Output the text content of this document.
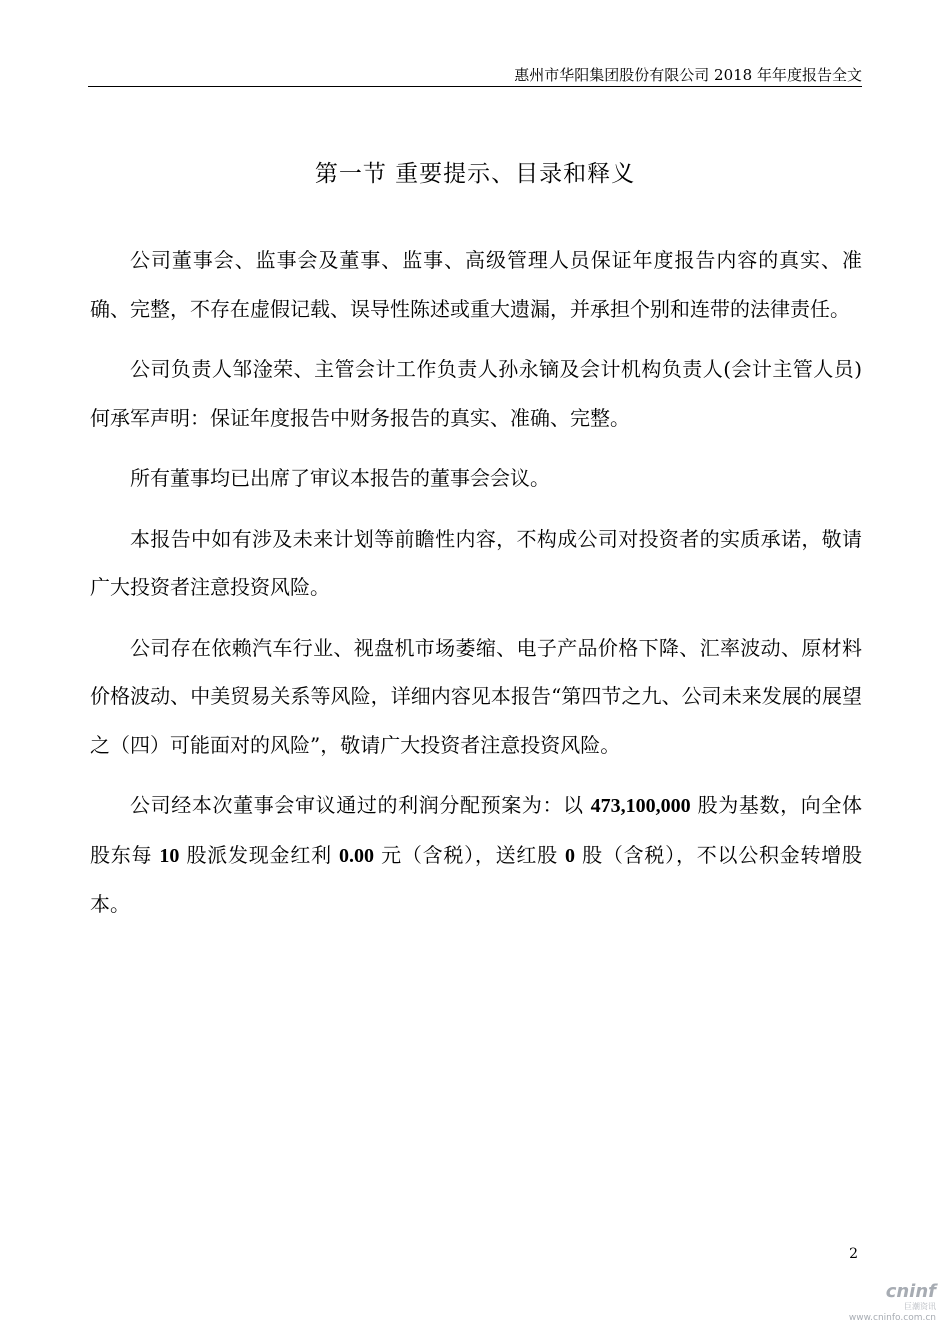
惠州市华阳集团股份有限公司 2018 年年度报告全文
第一节 重要提示、目录和释义

公司董事会、监事会及董事、监事、高级管理人员保证年度报告内容的真实、准确、完整，不存在虚假记载、误导性陈述或重大遗漏，并承担个别和连带的法律责任。

公司负责人邹淦荣、主管会计工作负责人孙永镝及会计机构负责人(会计主管人员)何承军声明：保证年度报告中财务报告的真实、准确、完整。

所有董事均已出席了审议本报告的董事会会议。

本报告中如有涉及未来计划等前瞻性内容，不构成公司对投资者的实质承诺，敬请广大投资者注意投资风险。

公司存在依赖汽车行业、视盘机市场萎缩、电子产品价格下降、汇率波动、原材料价格波动、中美贸易关系等风险，详细内容见本报告“第四节之九、公司未来发展的展望之（四）可能面对的风险”，敬请广大投资者注意投资风险。

公司经本次董事会审议通过的利润分配预案为：以 473,100,000 股为基数，向全体股东每 10 股派发现金红利 0.00 元（含税），送红股 0 股（含税），不以公积金转增股本。

2
cninf
巨潮资讯
www.cninfo.com.cn
